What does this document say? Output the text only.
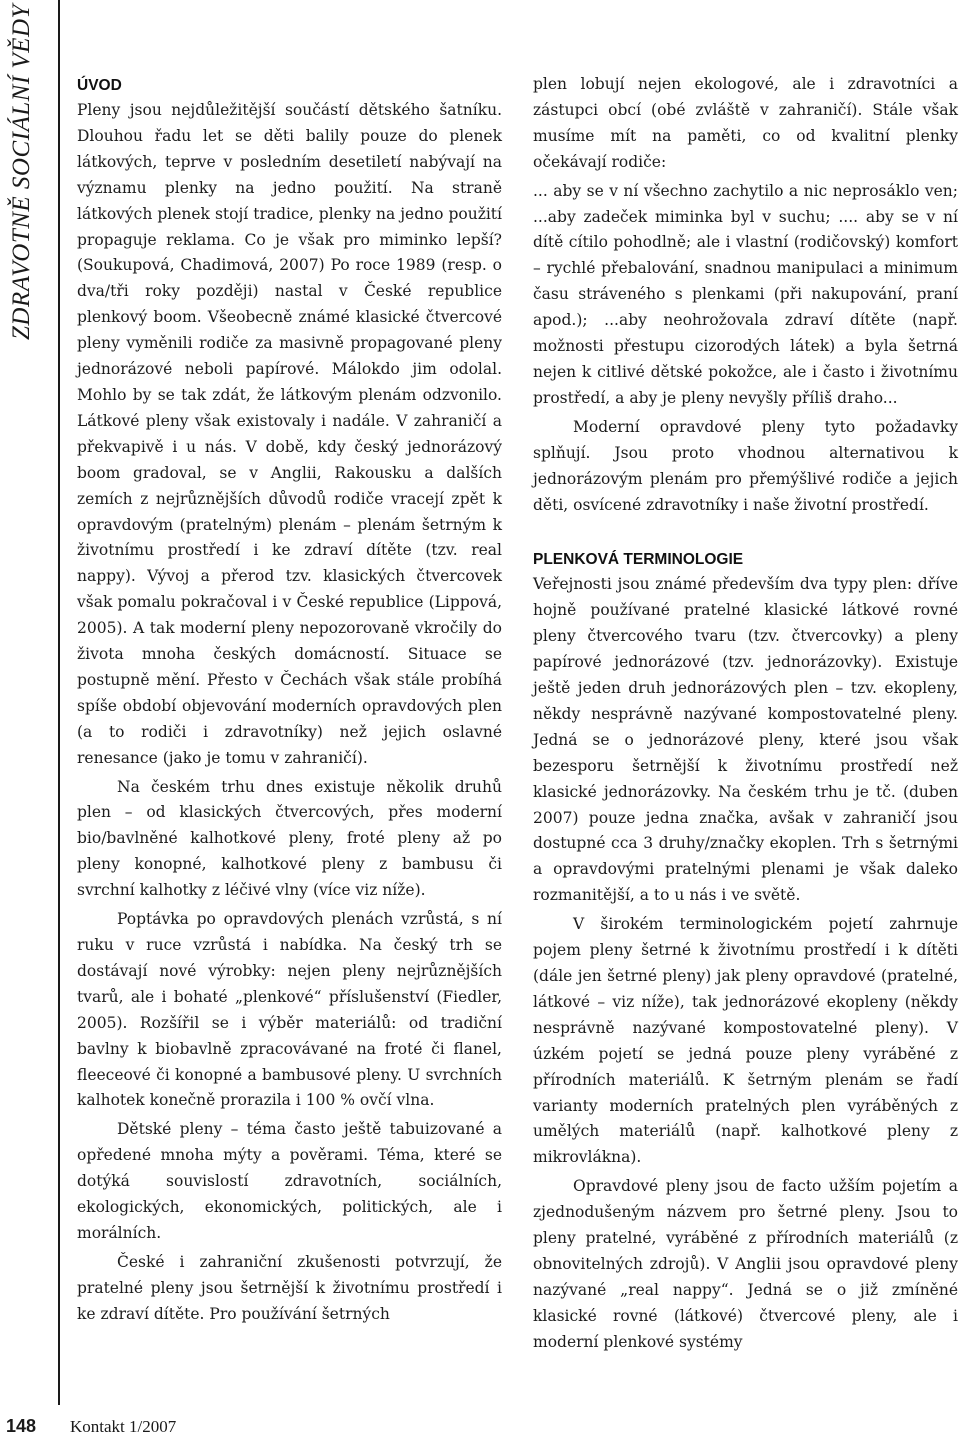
ZDRAVOTNĚ SOCIÁLNÍ VĚDY	ÚVOD

Pleny jsou nejdůležitější součástí dětského šatníku. Dlouhou řadu let se děti balily pouze do plenek látkových, teprve v posledním desetiletí nabývají na významu plenky na jedno použití. Na straně látkových plenek stojí tradice, plenky na jedno použití propaguje reklama. Co je však pro miminko lepší? (Soukupová, Chadimová, 2007) Po roce 1989 (resp. o dva/tři roky později) nastal v České republice plenkový boom. Všeobecně známé klasické čtvercové pleny vyměnili rodiče za masivně propagované pleny jednorázové neboli papírové. Málokdo jim odolal. Mohlo by se tak zdát, že látkovým plenám odzvonilo. Látkové pleny však existovaly i nadále. V zahraničí a překvapivě i u nás. V době, kdy český jednorázový boom gradoval, se v Anglii, Rakousku a dalších zemích z nejrůznějších důvodů rodiče vracejí zpět k opravdovým (pratelným) plenám – plenám šetrným k životnímu prostředí i ke zdraví dítěte (tzv. real nappy). Vývoj a přerod tzv. klasických čtvercovek však pomalu pokračoval i v České republice (Lippová, 2005). A tak moderní pleny nepozorovaně vkročily do života mnoha českých domácností. Situace se postupně mění. Přesto v Čechách však stále probíhá spíše období objevování moderních opravdových plen (a to rodiči i zdravotníky) než jejich oslavné renesance (jako je tomu v zahraničí).

Na českém trhu dnes existuje několik druhů plen – od klasických čtvercových, přes moderní bio/bavlněné kalhotkové pleny, froté pleny až po pleny konopné, kalhotkové pleny z bambusu či svrchní kalhotky z léčivé vlny (více viz níže).

Poptávka po opravdových plenách vzrůstá, s ní ruku v ruce vzrůstá i nabídka. Na český trh se dostávají nové výrobky: nejen pleny nejrůznějších tvarů, ale i bohaté „plenkové“ příslušenství (Fiedler, 2005). Rozšířil se i výběr materiálů: od tradiční bavlny k biobavlně zpracovávané na froté či flanel, fleeceové či konopné a bambusové pleny. U svrchních kalhotek konečně prorazila i 100 % ovčí vlna.

Dětské pleny – téma často ještě tabuizované a opředené mnoha mýty a pověrami. Téma, které se dotýká souvislostí zdravotních, sociálních, ekologických, ekonomických, politických, ale i morálních.

České i zahraniční zkušenosti potvrzují, že pratelné pleny jsou šetrnější k životnímu prostředí i ke zdraví dítěte. Pro používání šetrných

plen lobují nejen ekologové, ale i zdravotníci a zástupci obcí (obé zvláště v zahraničí). Stále však musíme mít na paměti, co od kvalitní plenky očekávají rodiče:

... aby se v ní všechno zachytilo a nic neprosáklo ven; ...aby zadeček miminka byl v suchu; .... aby se v ní dítě cítilo pohodlně; ale i vlastní (rodičovský) komfort – rychlé přebalování, snadnou manipulaci a minimum času stráveného s plenkami (při nakupování, praní apod.); ...aby neohrožovala zdraví dítěte (např. možnosti přestupu cizorodých látek) a byla šetrná nejen k citlivé dětské pokožce, ale i často i životnímu prostředí, a aby je pleny nevyšly příliš draho...

Moderní opravdové pleny tyto požadavky splňují. Jsou proto vhodnou alternativou k jednorázovým plenám pro přemýšlivé rodiče a jejich děti, osvícené zdravotníky i naše životní prostředí.

PLENKOVÁ TERMINOLOGIE

Veřejnosti jsou známé především dva typy plen: dříve hojně používané pratelné klasické látkové rovné pleny čtvercového tvaru (tzv. čtvercovky) a pleny papírové jednorázové (tzv. jednorázovky). Existuje ještě jeden druh jednorázových plen – tzv. ekopleny, někdy nesprávně nazývané kompostovatelné pleny. Jedná se o jednorázové pleny, které jsou však bezesporu šetrnější k životnímu prostředí než klasické jednorázovky. Na českém trhu je tč. (duben 2007) pouze jedna značka, avšak v zahraničí jsou dostupné cca 3 druhy/značky ekoplen. Trh s šetrnými a opravdovými pratelnými plenami je však daleko rozmanitější, a to u nás i ve světě.

V širokém terminologickém pojetí zahrnuje pojem pleny šetrné k životnímu prostředí i k dítěti (dále jen šetrné pleny) jak pleny opravdové (pratelné, látkové – viz níže), tak jednorázové ekopleny (někdy nesprávně nazývané kompostovatelné pleny). V úzkém pojetí se jedná pouze pleny vyráběné z přírodních materiálů. K šetrným plenám se řadí varianty moderních pratelných plen vyráběných z umělých materiálů (např. kalhotkové pleny z mikrovlákna).

Opravdové pleny jsou de facto užším pojetím a zjednodušeným názvem pro šetrné pleny. Jsou to pleny pratelné, vyráběné z přírodních materiálů (z obnovitelných zdrojů). V Anglii jsou opravdové pleny nazývané „real nappy“. Jedná se o již zmíněné klasické rovné (látkové) čtvercové pleny, ale i moderní plenkové systémy

148 Kontakt 1/2007
